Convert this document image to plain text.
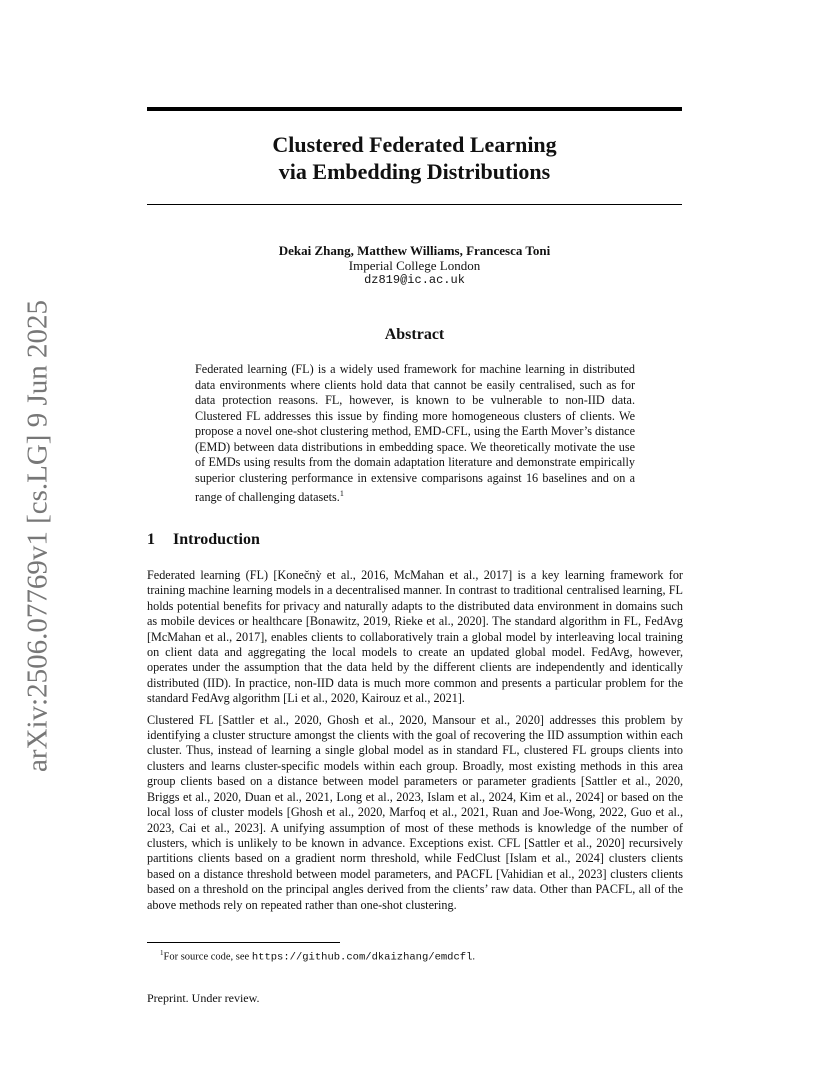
arXiv:2506.07769v1 [cs.LG] 9 Jun 2025
Clustered Federated Learning
via Embedding Distributions
Dekai Zhang, Matthew Williams, Francesca Toni
Imperial College London
dz819@ic.ac.uk
Abstract
Federated learning (FL) is a widely used framework for machine learning in distributed data environments where clients hold data that cannot be easily centralised, such as for data protection reasons. FL, however, is known to be vulnerable to non-IID data. Clustered FL addresses this issue by finding more homogeneous clusters of clients. We propose a novel one-shot clustering method, EMD-CFL, using the Earth Mover’s distance (EMD) between data distributions in embedding space. We theoretically motivate the use of EMDs using results from the domain adaptation literature and demonstrate empirically superior clustering performance in extensive comparisons against 16 baselines and on a range of challenging datasets.$^1$
1 Introduction

Federated learning (FL) [Konečnỳ et al., 2016, McMahan et al., 2017] is a key learning framework for training machine learning models in a decentralised manner. In contrast to traditional centralised learning, FL holds potential benefits for privacy and naturally adapts to the distributed data environment in domains such as mobile devices or healthcare [Bonawitz, 2019, Rieke et al., 2020]. The standard algorithm in FL, FedAvg [McMahan et al., 2017], enables clients to collaboratively train a global model by interleaving local training on client data and aggregating the local models to create an updated global model. FedAvg, however, operates under the assumption that the data held by the different clients are independently and identically distributed (IID). In practice, non-IID data is much more common and presents a particular problem for the standard FedAvg algorithm [Li et al., 2020, Kairouz et al., 2021].

Clustered FL [Sattler et al., 2020, Ghosh et al., 2020, Mansour et al., 2020] addresses this problem by identifying a cluster structure amongst the clients with the goal of recovering the IID assumption within each cluster. Thus, instead of learning a single global model as in standard FL, clustered FL groups clients into clusters and learns cluster-specific models within each group. Broadly, most existing methods in this area group clients based on a distance between model parameters or parameter gradients [Sattler et al., 2020, Briggs et al., 2020, Duan et al., 2021, Long et al., 2023, Islam et al., 2024, Kim et al., 2024] or based on the local loss of cluster models [Ghosh et al., 2020, Marfoq et al., 2021, Ruan and Joe-Wong, 2022, Guo et al., 2023, Cai et al., 2023]. A unifying assumption of most of these methods is knowledge of the number of clusters, which is unlikely to be known in advance. Exceptions exist. CFL [Sattler et al., 2020] recursively partitions clients based on a gradient norm threshold, while FedClust [Islam et al., 2024] clusters clients based on a distance threshold between model parameters, and PACFL [Vahidian et al., 2023] clusters clients based on a threshold on the principal angles derived from the clients’ raw data. Other than PACFL, all of the above methods rely on repeated rather than one-shot clustering.

$^1$For source code, see https://github.com/dkaizhang/emdcfl.
Preprint. Under review.
